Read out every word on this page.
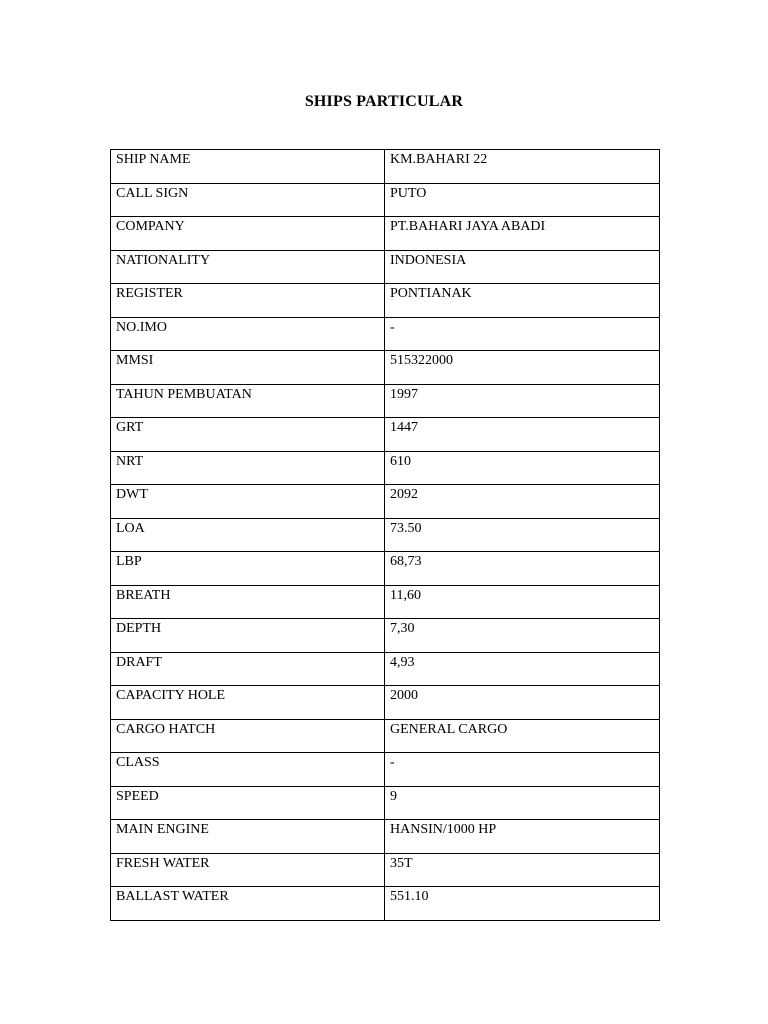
SHIPS PARTICULAR
SHIP NAME	KM.BAHARI 22
CALL SIGN	PUTO
COMPANY	PT.BAHARI JAYA ABADI
NATIONALITY	INDONESIA
REGISTER	PONTIANAK
NO.IMO	-
MMSI	515322000
TAHUN PEMBUATAN	1997
GRT	1447
NRT	610
DWT	2092
LOA	73.50
LBP	68,73
BREATH	11,60
DEPTH	7,30
DRAFT	4,93
CAPACITY HOLE	2000
CARGO HATCH	GENERAL CARGO
CLASS	-
SPEED	9
MAIN ENGINE	HANSIN/1000 HP
FRESH WATER	35T
BALLAST WATER	551.10
